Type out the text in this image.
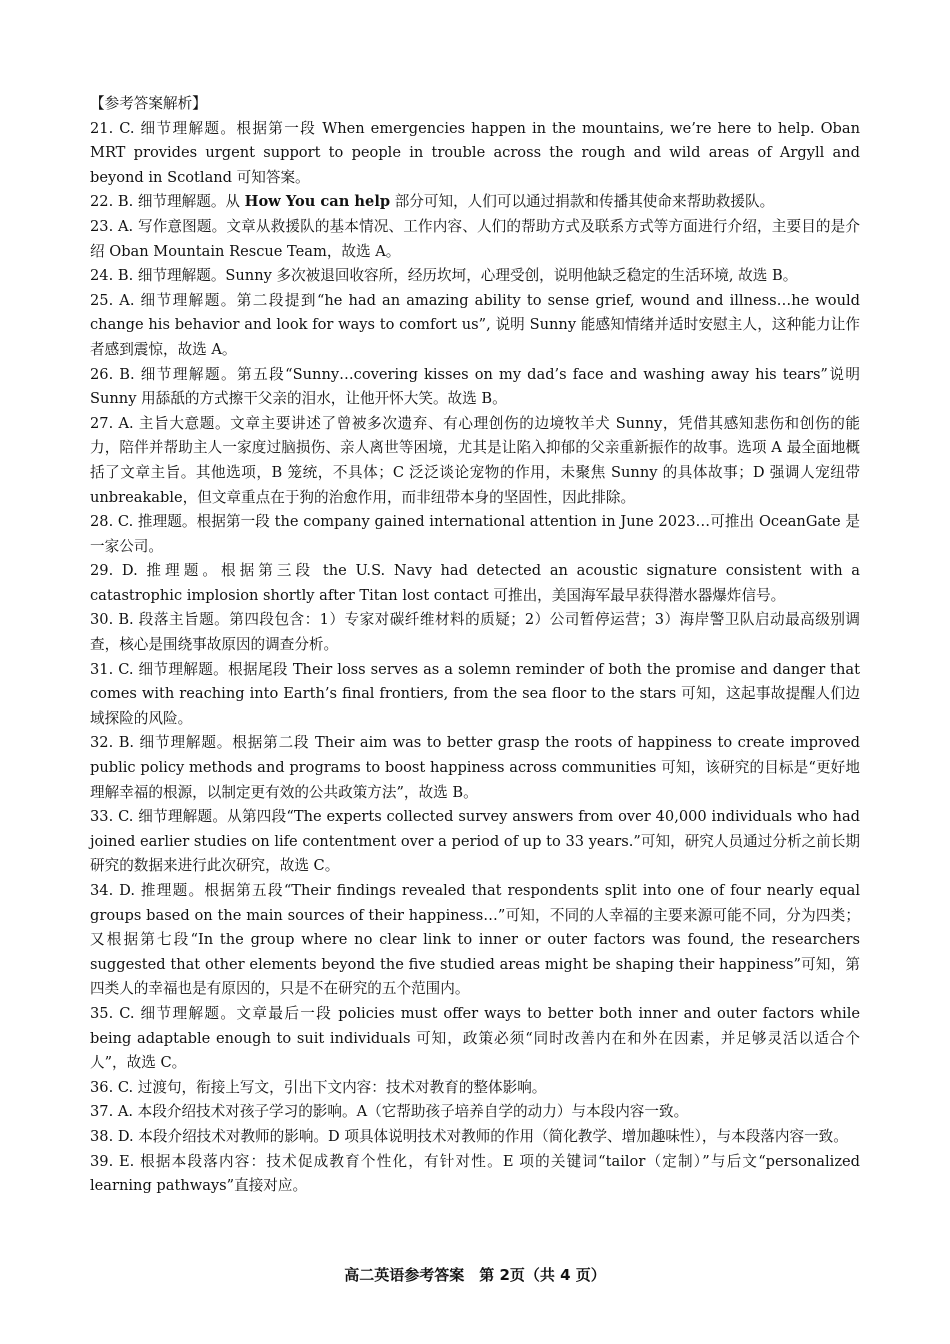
【参考答案解析】

21. C. 细节理解题。根据第一段 When emergencies happen in the mountains, we’re here to help. Oban MRT provides urgent support to people in trouble across the rough and wild areas of Argyll and beyond in Scotland 可知答案。

22. B. 细节理解题。从 How You can help 部分可知，人们可以通过捐款和传播其使命来帮助救援队。

23. A. 写作意图题。文章从救援队的基本情况、工作内容、人们的帮助方式及联系方式等方面进行介绍，主要目的是介绍 Oban Mountain Rescue Team，故选 A。

24. B. 细节理解题。Sunny 多次被退回收容所，经历坎坷，心理受创，说明他缺乏稳定的生活环境, 故选 B。

25. A. 细节理解题。第二段提到“he had an amazing ability to sense grief, wound and illness…he would change his behavior and look for ways to comfort us”, 说明 Sunny 能感知情绪并适时安慰主人，这种能力让作者感到震惊，故选 A。

26. B. 细节理解题。第五段“Sunny…covering kisses on my dad’s face and washing away his tears”说明 Sunny 用舔舐的方式擦干父亲的泪水，让他开怀大笑。故选 B。

27. A. 主旨大意题。文章主要讲述了曾被多次遗弃、有心理创伤的边境牧羊犬 Sunny，凭借其感知悲伤和创伤的能力，陪伴并帮助主人一家度过脑损伤、亲人离世等困境，尤其是让陷入抑郁的父亲重新振作的故事。选项 A 最全面地概括了文章主旨。其他选项，B 笼统，不具体；C 泛泛谈论宠物的作用，未聚焦 Sunny 的具体故事；D 强调人宠纽带 unbreakable，但文章重点在于狗的治愈作用，而非纽带本身的坚固性，因此排除。

28. C. 推理题。根据第一段 the company gained international attention in June 2023…可推出 OceanGate 是一家公司。

29. D. 推理题。根据第三段 the U.S. Navy had detected an acoustic signature consistent with a catastrophic implosion shortly after Titan lost contact 可推出，美国海军最早获得潜水器爆炸信号。

30. B. 段落主旨题。第四段包含：1）专家对碳纤维材料的质疑；2）公司暂停运营；3）海岸警卫队启动最高级别调查，核心是围绕事故原因的调查分析。

31. C. 细节理解题。根据尾段 Their loss serves as a solemn reminder of both the promise and danger that comes with reaching into Earth’s final frontiers, from the sea floor to the stars 可知，这起事故提醒人们边域探险的风险。

32. B. 细节理解题。根据第二段 Their aim was to better grasp the roots of happiness to create improved public policy methods and programs to boost happiness across communities 可知，该研究的目标是“更好地理解幸福的根源，以制定更有效的公共政策方法”，故选 B。

33. C. 细节理解题。从第四段“The experts collected survey answers from over 40,000 individuals who had joined earlier studies on life contentment over a period of up to 33 years.”可知，研究人员通过分析之前长期研究的数据来进行此次研究，故选 C。

34. D. 推理题。根据第五段“Their findings revealed that respondents split into one of four nearly equal groups based on the main sources of their happiness…”可知，不同的人幸福的主要来源可能不同，分为四类；又根据第七段“In the group where no clear link to inner or outer factors was found, the researchers suggested that other elements beyond the five studied areas might be shaping their happiness”可知，第四类人的幸福也是有原因的，只是不在研究的五个范围内。

35. C. 细节理解题。文章最后一段 policies must offer ways to better both inner and outer factors while being adaptable enough to suit individuals 可知，政策必须“同时改善内在和外在因素，并足够灵活以适合个人”，故选 C。

36. C. 过渡句，衔接上写文，引出下文内容：技术对教育的整体影响。

37. A. 本段介绍技术对孩子学习的影响。A（它帮助孩子培养自学的动力）与本段内容一致。

38. D. 本段介绍技术对教师的影响。D 项具体说明技术对教师的作用（简化教学、增加趣味性），与本段落内容一致。

39. E. 根据本段落内容：技术促成教育个性化，有针对性。E 项的关键词“tailor（定制）”与后文“personalized learning pathways”直接对应。

高二英语参考答案　第 2页（共 4 页）
